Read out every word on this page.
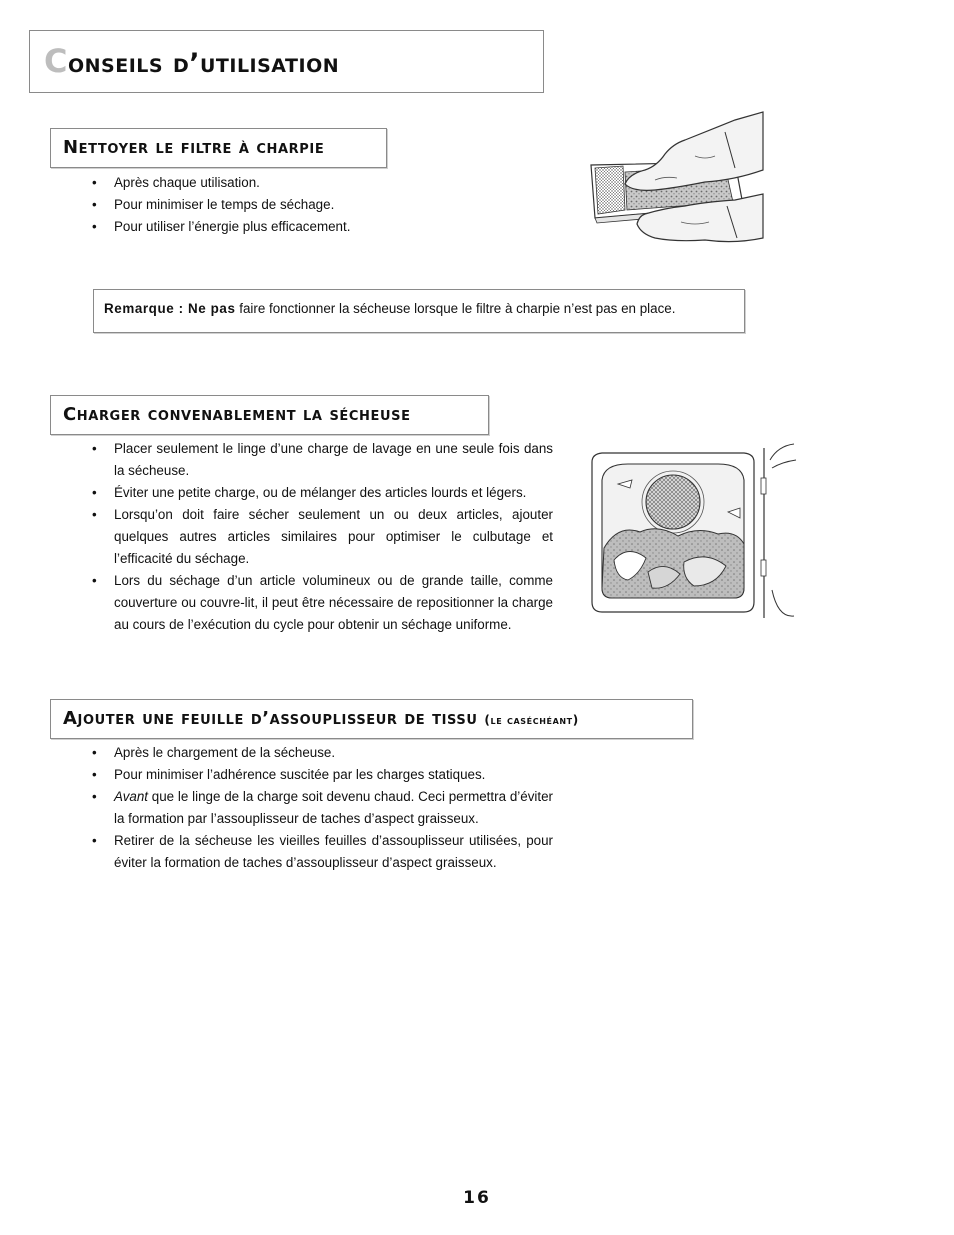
Conseils d’utilisation
Nettoyer le filtre à charpie
• Après chaque utilisation.
• Pour minimiser le temps de séchage.
• Pour utiliser l’énergie plus efficacement.

Remarque : Ne pas faire fonctionner la sécheuse lorsque le filtre à charpie n’est pas en place.

Charger convenablement la sécheuse
• Placer seulement le linge d’une charge de lavage en une seule fois dans la sécheuse.
• Éviter une petite charge, ou de mélanger des articles lourds et légers.
• Lorsqu’on doit faire sécher seulement un ou deux articles, ajouter quelques autres articles similaires pour optimiser le culbutage et l’efficacité du séchage.
• Lors du séchage d’un article volumineux ou de grande taille, comme couverture ou couvre-lit, il peut être nécessaire de repositionner la charge au cours de l’exécution du cycle pour obtenir un séchage uniforme.
Ajouter une feuille d’assouplisseur de tissu (le caséchéant)
• Après le chargement de la sécheuse.
• Pour minimiser l’adhérence suscitée par les charges statiques.
• Avant que le linge de la charge soit devenu chaud. Ceci permettra d’éviter la formation par l’assouplisseur de taches d’aspect graisseux.
• Retirer de la sécheuse les vieilles feuilles d’assouplisseur utilisées, pour éviter la formation de taches d’assouplisseur d’aspect graisseux.
16
